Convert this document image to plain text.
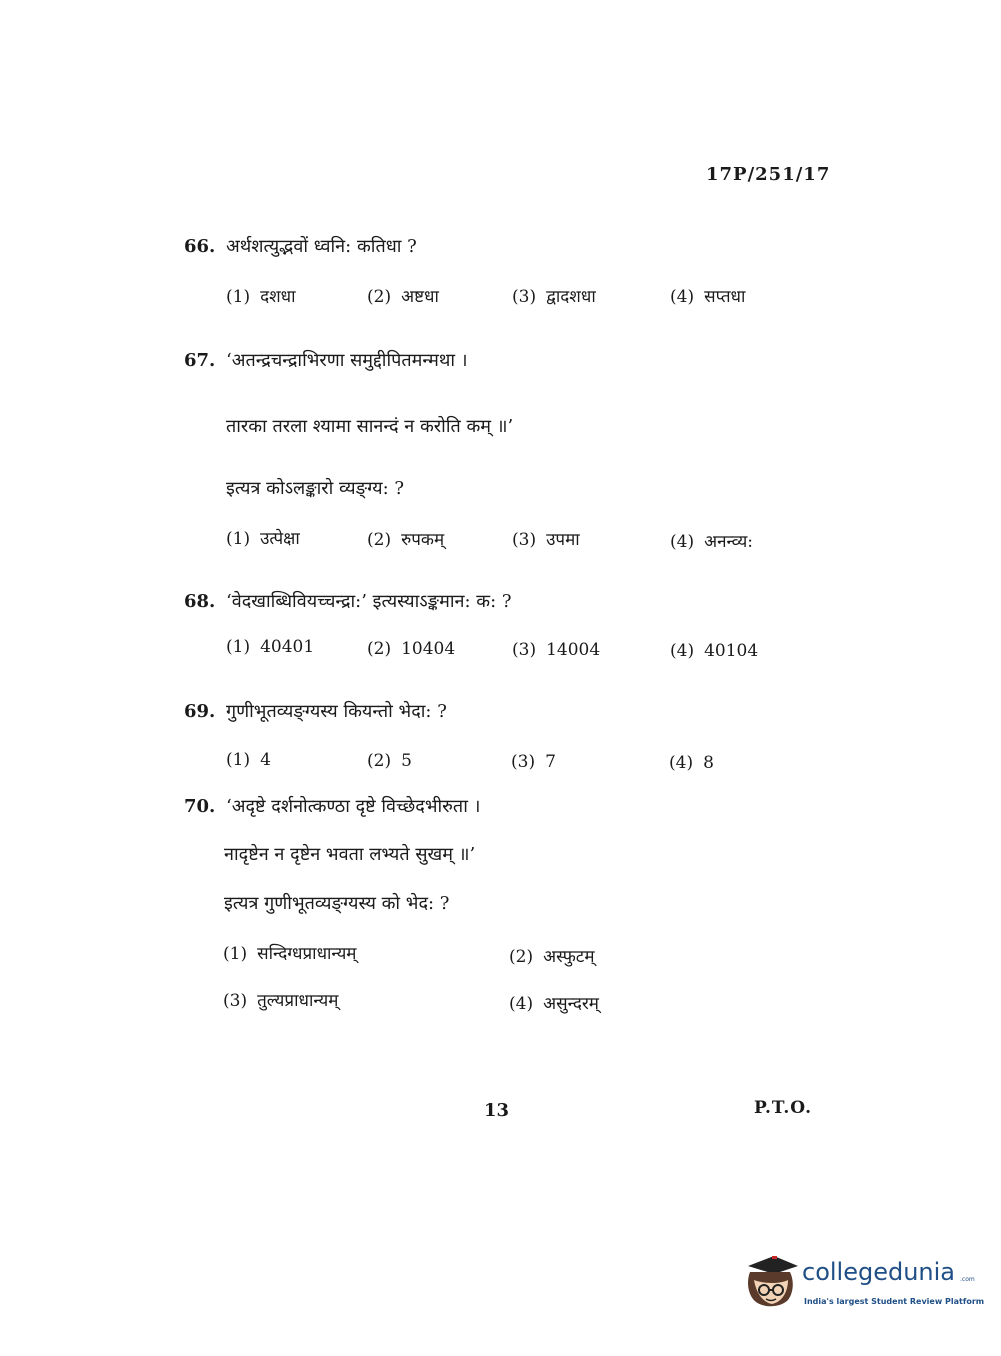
17P/251/17
66. अर्थशत्युद्भवों ध्वनि: कतिधा ?
(1) दशधा	(2) अष्टधा	(3) द्वादशधा	(4) सप्तधा
67. ‘अतन्द्रचन्द्राभिरणा समुद्दीपितमन्मथा ।
तारका तरला श्यामा सानन्दं न करोति कम् ॥’
इत्यत्र कोऽलङ्कारो व्यङ्ग्य: ?
(1) उत्पेक्षा	(2) रुपकम्	(3) उपमा	(4) अनन्व्य:
68. ‘वेदखाब्धिवियच्चन्द्रा:’ इत्यस्याऽङ्कमान: क: ?
(1) 40401	(2) 10404	(3) 14004	(4) 40104
69. गुणीभूतव्यङ्ग्यस्य कियन्तो भेदा: ?
(1) 4	(2) 5	(3) 7	(4) 8
70. ‘अदृष्टे दर्शनोत्कण्ठा दृष्टे विच्छेदभीरुता ।
नादृष्टेन न दृष्टेन भवता लभ्यते सुखम् ॥’
इत्यत्र गुणीभूतव्यङ्ग्यस्य को भेद: ?
(1) सन्दिग्धप्राधान्यम्	(2) अस्फुटम्
(3) तुल्यप्राधान्यम्	(4) असुन्दरम्
13	P.T.O.
collegedunia .com
India's largest Student Review Platform
